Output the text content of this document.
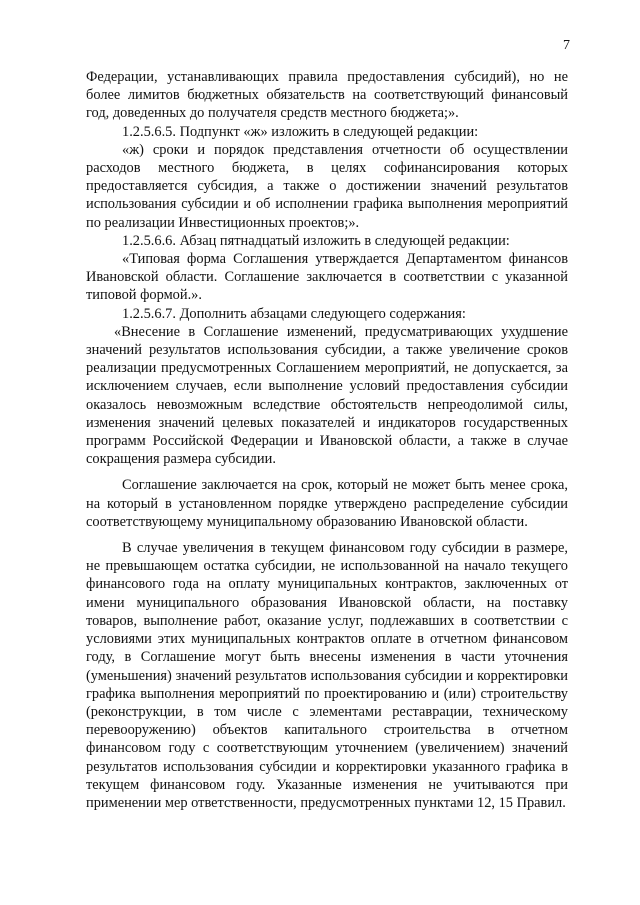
7

Федерации, устанавливающих правила предоставления субсидий), но не более лимитов бюджетных обязательств на соответствующий финансовый год, доведенных до получателя средств местного бюджета;».

1.2.5.6.5. Подпункт «ж» изложить в следующей редакции:

«ж) сроки и порядок представления отчетности об осуществлении расходов местного бюджета, в целях софинансирования которых предоставляется субсидия, а также о достижении значений результатов использования субсидии и об исполнении графика выполнения мероприятий по реализации Инвестиционных проектов;».

1.2.5.6.6. Абзац пятнадцатый изложить в следующей редакции:

«Типовая форма Соглашения утверждается Департаментом финансов Ивановской области. Соглашение заключается в соответствии с указанной типовой формой.».

1.2.5.6.7. Дополнить абзацами следующего содержания:

«Внесение в Соглашение изменений, предусматривающих ухудшение значений результатов использования субсидии, а также увеличение сроков реализации предусмотренных Соглашением мероприятий, не допускается, за исключением случаев, если выполнение условий предоставления субсидии оказалось невозможным вследствие обстоятельств непреодолимой силы, изменения значений целевых показателей и индикаторов государственных программ Российской Федерации и Ивановской области, а также в случае сокращения размера субсидии.

Соглашение заключается на срок, который не может быть менее срока, на который в установленном порядке утверждено распределение субсидии соответствующему муниципальному образованию Ивановской области.

В случае увеличения в текущем финансовом году субсидии в размере, не превышающем остатка субсидии, не использованной на начало текущего финансового года на оплату муниципальных контрактов, заключенных от имени муниципального образования Ивановской области, на поставку товаров, выполнение работ, оказание услуг, подлежавших в соответствии с условиями этих муниципальных контрактов оплате в отчетном финансовом году, в Соглашение могут быть внесены изменения в части уточнения (уменьшения) значений результатов использования субсидии и корректировки графика выполнения мероприятий по проектированию и (или) строительству (реконструкции, в том числе с элементами реставрации, техническому перевооружению) объектов капитального строительства в отчетном финансовом году с соответствующим уточнением (увеличением) значений результатов использования субсидии и корректировки указанного графика в текущем финансовом году. Указанные изменения не учитываются при применении мер ответственности, предусмотренных пунктами 12, 15 Правил.
